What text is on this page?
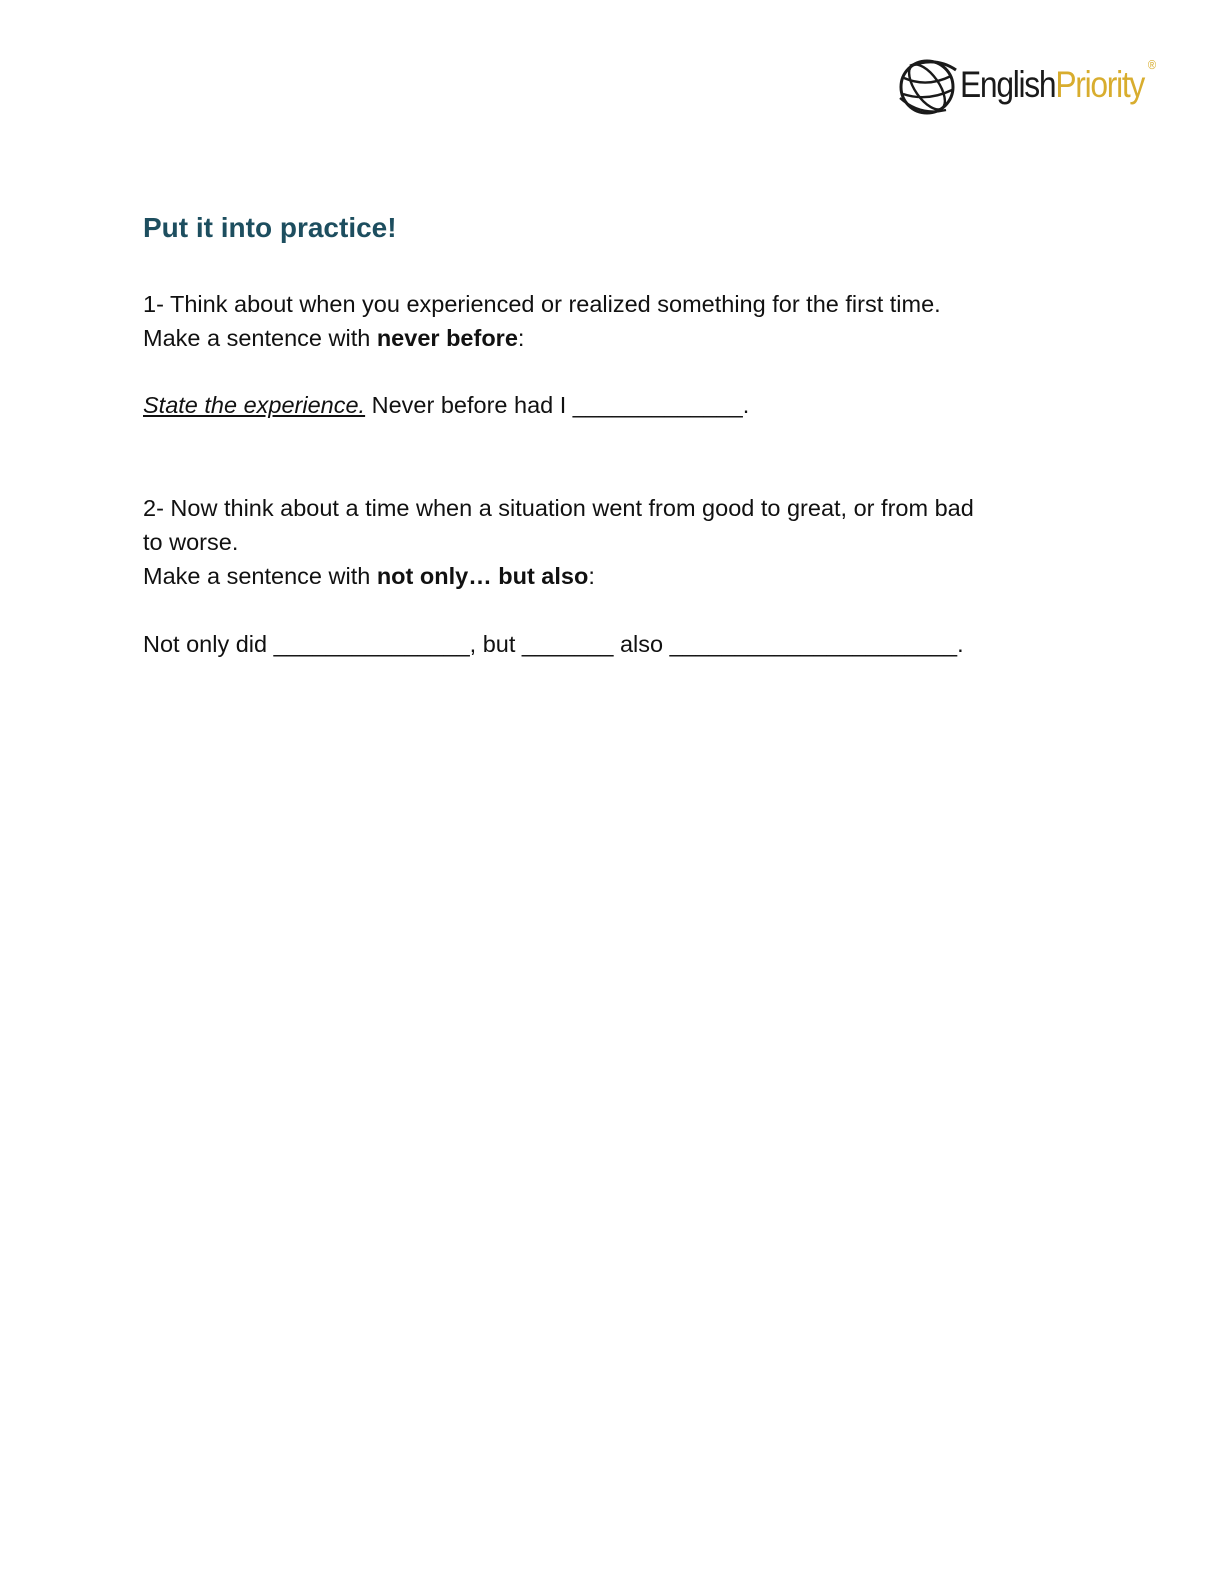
EnglishPriority ®
Put it into practice!

1- Think about when you experienced or realized something for the first time.
Make a sentence with never before:

State the experience. Never before had I _____________.

2- Now think about a time when a situation went from good to great, or from bad
to worse.
Make a sentence with not only… but also:

Not only did _______________, but _______ also ______________________.
